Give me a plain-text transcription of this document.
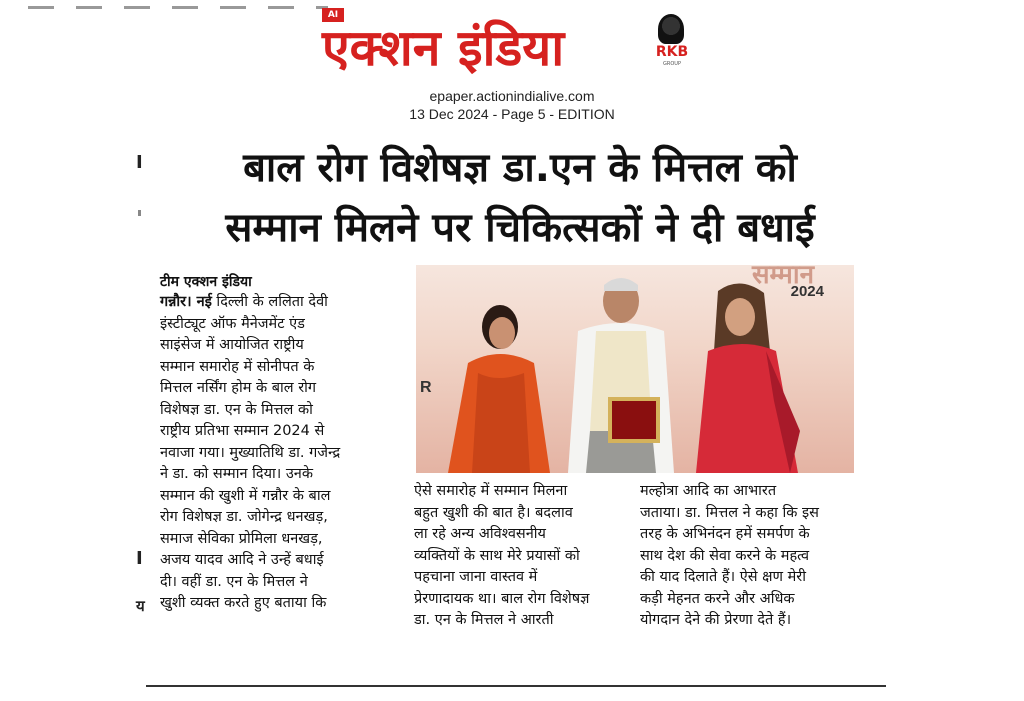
AI
एक्शन इंडिया	RKB
GROUP
epaper.actionindialive.com
13 Dec 2024 - Page 5 - EDITION
I
I
य
बाल रोग विशेषज्ञ डा.एन के मित्तल को
सम्मान मिलने पर चिकित्सकों ने दी बधाई
टीम एक्शन इंडिया

गन्नौर। नई दिल्ली के ललिता देवी

इंस्टीट्यूट ऑफ मैनेजमेंट एंड

साइंसेज में आयोजित राष्ट्रीय

सम्मान समारोह में सोनीपत के

मित्तल नर्सिंग होम के बाल रोग

विशेषज्ञ डा. एन के मित्तल को

राष्ट्रीय प्रतिभा सम्मान 2024 से

नवाजा गया। मुख्यातिथि डा. गजेन्द्र

ने डा. को सम्मान दिया। उनके

सम्मान की खुशी में गन्नौर के बाल

रोग विशेषज्ञ डा. जोगेन्द्र धनखड़,

समाज सेविका प्रोमिला धनखड़,

अजय यादव आदि ने उन्हें बधाई

दी। वहीं डा. एन के मित्तल ने

खुशी व्यक्त करते हुए बताया कि

सम्मान
2024
R

ऐसे समारोह में सम्मान मिलना

बहुत खुशी की बात है। बदलाव

ला रहे अन्य अविश्वसनीय

व्यक्तियों के साथ मेरे प्रयासों को

पहचाना जाना वास्तव में

प्रेरणादायक था। बाल रोग विशेषज्ञ

डा. एन के मित्तल ने आरती

मल्होत्रा आदि का आभारत

जताया। डा. मित्तल ने कहा कि इस

तरह के अभिनंदन हमें समर्पण के

साथ देश की सेवा करने के महत्व

की याद दिलाते हैं। ऐसे क्षण मेरी

कड़ी मेहनत करने और अधिक

योगदान देने की प्रेरणा देते हैं।
